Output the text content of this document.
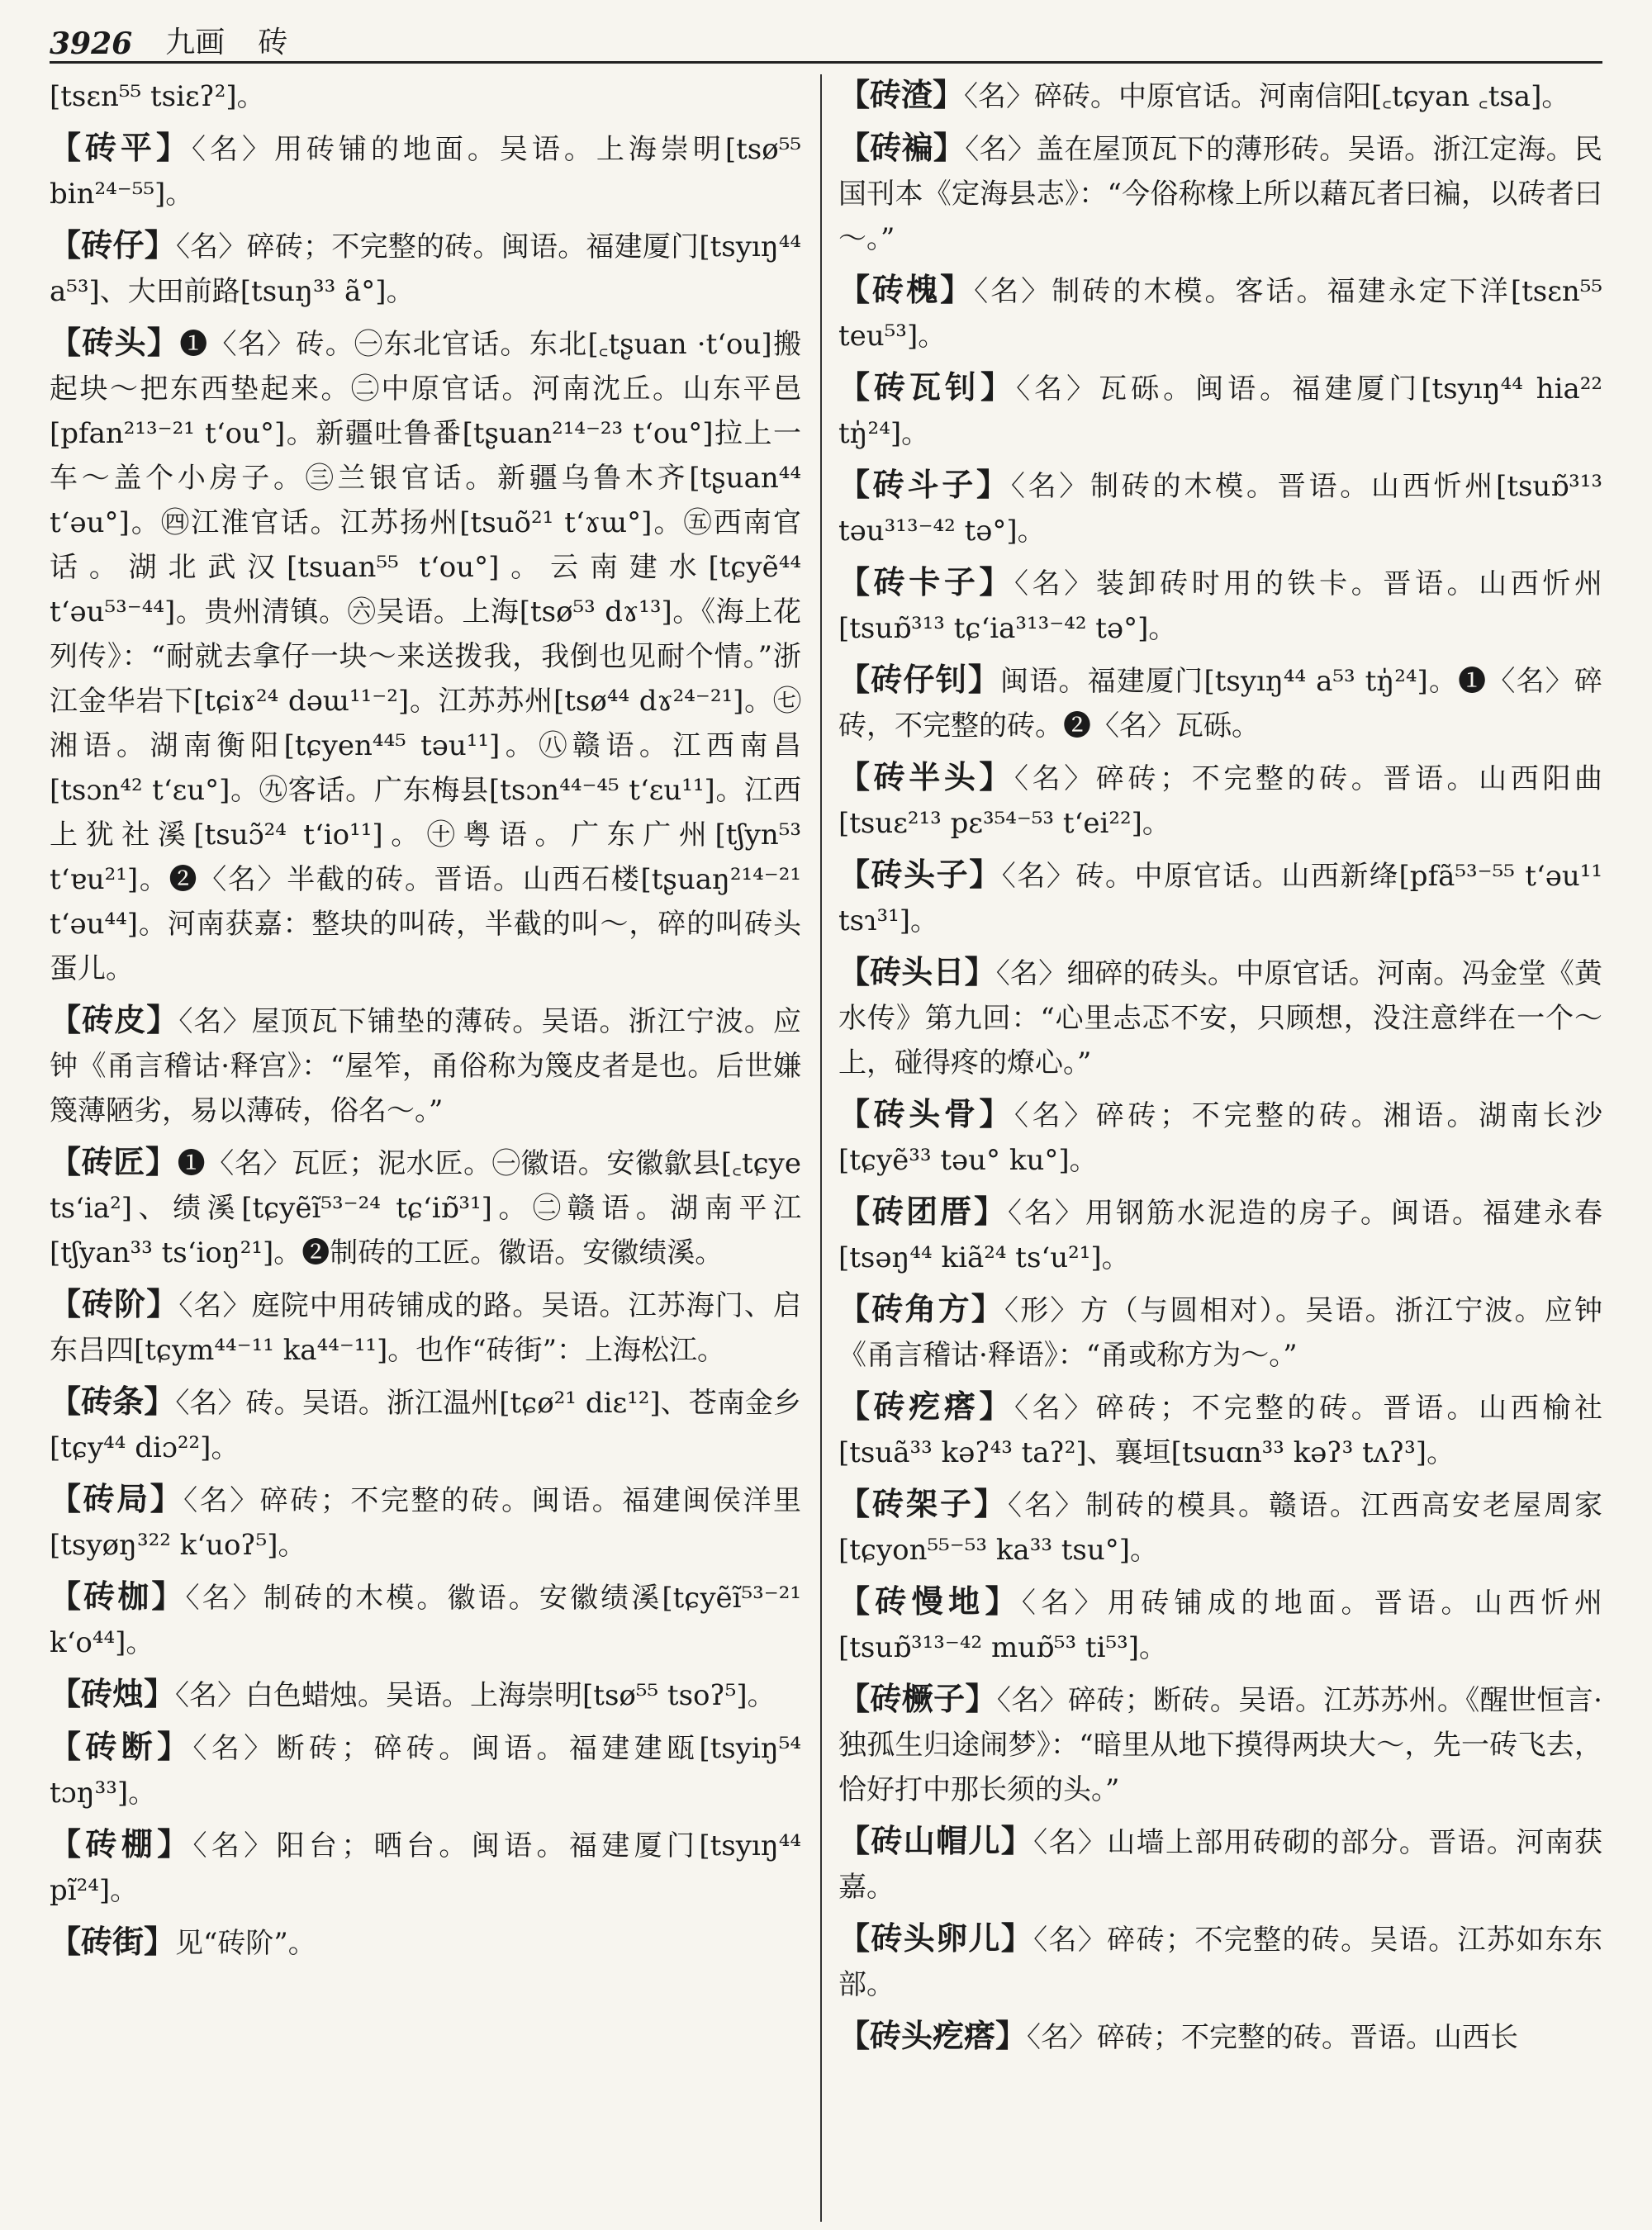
3926 九画 砖

[tsɛn⁵⁵ tsiɛʔ²]。

【砖平】〈名〉用砖铺的地面。吴语。上海崇明[tsø⁵⁵ bin²⁴⁻⁵⁵]。

【砖仔】〈名〉碎砖；不完整的砖。闽语。福建厦门[tsyıŋ⁴⁴ a⁵³]、大田前路[tsuŋ³³ ã°]。

【砖头】❶〈名〉砖。㊀东北官话。东北[꜀tʂuan ·tʻou]搬起块～把东西垫起来。㊁中原官话。河南沈丘。山东平邑[pfan²¹³⁻²¹ tʻou°]。新疆吐鲁番[tʂuan²¹⁴⁻²³ tʻou°]拉上一车～盖个小房子。㊂兰银官话。新疆乌鲁木齐[tʂuan⁴⁴ tʻəu°]。㊃江淮官话。江苏扬州[tsuõ²¹ tʻɤɯ°]。㊄西南官话。湖北武汉[tsuan⁵⁵ tʻou°]。云南建水[tɕyẽ⁴⁴ tʻəu⁵³⁻⁴⁴]。贵州清镇。㊅吴语。上海[tsø⁵³ dɤ¹³]。《海上花列传》：“耐就去拿仔一块～来送拨我，我倒也见耐个情。”浙江金华岩下[tɕiɤ²⁴ dəɯ¹¹⁻²]。江苏苏州[tsø⁴⁴ dɤ²⁴⁻²¹]。㊆湘语。湖南衡阳[tɕyen⁴⁴⁵ təu¹¹]。㊇赣语。江西南昌[tsɔn⁴² tʻɛu°]。㊈客话。广东梅县[tsɔn⁴⁴⁻⁴⁵ tʻɛu¹¹]。江西上犹社溪[tsuɔ̃²⁴ tʻio¹¹]。㊉粤语。广东广州[tʃyn⁵³ tʻɐu²¹]。❷〈名〉半截的砖。晋语。山西石楼[tʂuaŋ²¹⁴⁻²¹ tʻəu⁴⁴]。河南获嘉：整块的叫砖，半截的叫～，碎的叫砖头蛋儿。

【砖皮】〈名〉屋顶瓦下铺垫的薄砖。吴语。浙江宁波。应钟《甬言稽诂·释宫》：“屋笮，甬俗称为篾皮者是也。后世嫌篾薄陋劣，易以薄砖，俗名～。”

【砖匠】❶〈名〉瓦匠；泥水匠。㊀徽语。安徽歙县[꜀tɕye tsʻia²]、绩溪[tɕyẽĩ⁵³⁻²⁴ tɕʻiɒ̃³¹]。㊁赣语。湖南平江[tʃyan³³ tsʻioŋ²¹]。❷制砖的工匠。徽语。安徽绩溪。

【砖阶】〈名〉庭院中用砖铺成的路。吴语。江苏海门、启东吕四[tɕym⁴⁴⁻¹¹ ka⁴⁴⁻¹¹]。也作“砖街”：上海松江。

【砖条】〈名〉砖。吴语。浙江温州[tɕø²¹ diɛ¹²]、苍南金乡[tɕy⁴⁴ diɔ²²]。

【砖局】〈名〉碎砖；不完整的砖。闽语。福建闽侯洋里[tsyøŋ³²² kʻuoʔ⁵]。

【砖枷】〈名〉制砖的木模。徽语。安徽绩溪[tɕyẽĩ⁵³⁻²¹ kʻo⁴⁴]。

【砖烛】〈名〉白色蜡烛。吴语。上海崇明[tsø⁵⁵ tsoʔ⁵]。

【砖断】〈名〉断砖；碎砖。闽语。福建建瓯[tsyiŋ⁵⁴ tɔŋ³³]。

【砖棚】〈名〉阳台；晒台。闽语。福建厦门[tsyıŋ⁴⁴ pĩ²⁴]。

【砖街】见“砖阶”。

【砖渣】〈名〉碎砖。中原官话。河南信阳[꜀tɕyan ꜀tsa]。

【砖褊】〈名〉盖在屋顶瓦下的薄形砖。吴语。浙江定海。民国刊本《定海县志》：“今俗称椽上所以藉瓦者曰褊，以砖者曰～。”

【砖槐】〈名〉制砖的木模。客话。福建永定下洋[tsɛn⁵⁵ teu⁵³]。

【砖瓦钊】〈名〉瓦砾。闽语。福建厦门[tsyıŋ⁴⁴ hia²² tŋ̍²⁴]。

【砖斗子】〈名〉制砖的木模。晋语。山西忻州[tsuɒ̃³¹³ təu³¹³⁻⁴² tə°]。

【砖卡子】〈名〉装卸砖时用的铁卡。晋语。山西忻州[tsuɒ̃³¹³ tɕʻia³¹³⁻⁴² tə°]。

【砖仔钊】闽语。福建厦门[tsyıŋ⁴⁴ a⁵³ tŋ̍²⁴]。❶〈名〉碎砖，不完整的砖。❷〈名〉瓦砾。

【砖半头】〈名〉碎砖；不完整的砖。晋语。山西阳曲[tsuɛ²¹³ pɛ³⁵⁴⁻⁵³ tʻei²²]。

【砖头子】〈名〉砖。中原官话。山西新绛[pfã⁵³⁻⁵⁵ tʻəu¹¹ tsɿ³¹]。

【砖头日】〈名〉细碎的砖头。中原官话。河南。冯金堂《黄水传》第九回：“心里忐忑不安，只顾想，没注意绊在一个～上，碰得疼的燎心。”

【砖头骨】〈名〉碎砖；不完整的砖。湘语。湖南长沙[tɕyẽ³³ təu° ku°]。

【砖团厝】〈名〉用钢筋水泥造的房子。闽语。福建永春[tsəŋ⁴⁴ kiã²⁴ tsʻu²¹]。

【砖角方】〈形〉方（与圆相对）。吴语。浙江宁波。应钟《甬言稽诂·释语》：“甬或称方为～。”

【砖疙瘩】〈名〉碎砖；不完整的砖。晋语。山西榆社[tsuã³³ kəʔ⁴³ taʔ²]、襄垣[tsuɑn³³ kəʔ³ tʌʔ³]。

【砖架子】〈名〉制砖的模具。赣语。江西高安老屋周家[tɕyon⁵⁵⁻⁵³ ka³³ tsu°]。

【砖慢地】〈名〉用砖铺成的地面。晋语。山西忻州[tsuɒ̃³¹³⁻⁴² muɒ̃⁵³ ti⁵³]。

【砖橛子】〈名〉碎砖；断砖。吴语。江苏苏州。《醒世恒言·独孤生归途闹梦》：“暗里从地下摸得两块大～，先一砖飞去，恰好打中那长须的头。”

【砖山帽儿】〈名〉山墙上部用砖砌的部分。晋语。河南获嘉。

【砖头卵儿】〈名〉碎砖；不完整的砖。吴语。江苏如东东部。

【砖头疙瘩】〈名〉碎砖；不完整的砖。晋语。山西长
